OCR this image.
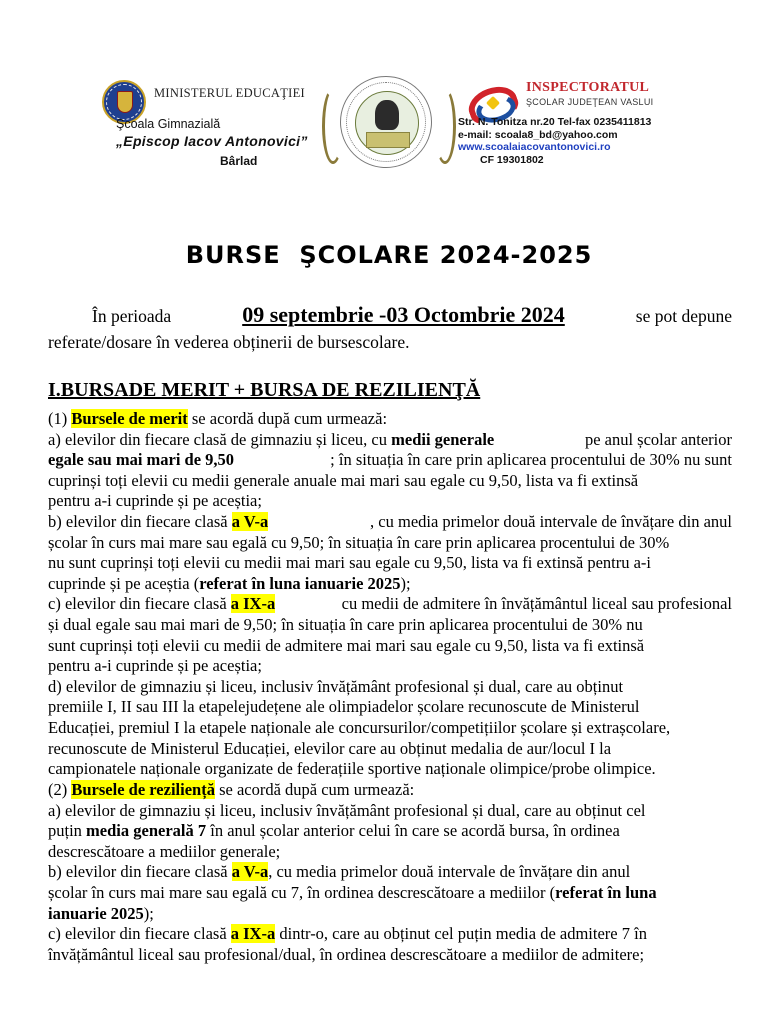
MINISTERUL EDUCAŢIEI
Şcoala Gimnazială
„Episcop Iacov Antonovici”
Bârlad
INSPECTORATUL
ŞCOLAR JUDEŢEAN VASLUI
Str. N. Tonitza nr.20 Tel-fax 0235411813
e-mail: scoala8_bd@yahoo.com
www.scoalaiacovantonovici.ro
CF 19301802
BURSE  ŞCOLARE 2024-2025
În perioada	09 septembrie -03 Octombrie 2024	se pot depune
referate/dosare în vederea obținerii de bursescolare.
I.BURSADE MERIT + BURSA DE REZILIENŢĂ
(1) Bursele de merit se acordă după cum urmează:
a) elevilor din fiecare clasă de gimnaziu și liceu, cu medii generale	pe anul școlar anterior
egale sau mai mari de 9,50	; în situația în care prin aplicarea procentului de 30% nu sunt
cuprinși toți elevii cu medii generale anuale mai mari sau egale cu 9,50, lista va fi extinsă
pentru a-i cuprinde și pe aceștia;
b) elevilor din fiecare clasă a V-a	, cu media primelor două intervale de învățare din anul
școlar în curs mai mare sau egală cu 9,50; în situația în care prin aplicarea procentului de 30%
nu sunt cuprinși toți elevii cu medii mai mari sau egale cu 9,50, lista va fi extinsă pentru a-i
cuprinde și pe aceștia (referat în luna ianuarie 2025);
c) elevilor din fiecare clasă a IX-a	cu medii de admitere în învățământul liceal sau profesional
și dual egale sau mai mari de 9,50; în situația în care prin aplicarea procentului de 30% nu
sunt cuprinși toți elevii cu medii de admitere mai mari sau egale cu 9,50, lista va fi extinsă
pentru a-i cuprinde și pe aceștia;
d) elevilor de gimnaziu și liceu, inclusiv învățământ profesional și dual, care au obținut
premiile I, II sau III la etapelejudețene ale olimpiadelor școlare recunoscute de Ministerul
Educației, premiul I la etapele naționale ale concursurilor/competițiilor școlare și extrașcolare,
recunoscute de Ministerul Educației, elevilor care au obținut medalia de aur/locul I la
campionatele naționale organizate de federațiile sportive naționale olimpice/probe olimpice.
(2) Bursele de reziliență se acordă după cum urmează:
a) elevilor de gimnaziu și liceu, inclusiv învățământ profesional și dual, care au obținut cel
puțin media generală 7 în anul școlar anterior celui în care se acordă bursa, în ordinea
descrescătoare a mediilor generale;
b) elevilor din fiecare clasă a V-a, cu media primelor două intervale de învățare din anul
școlar în curs mai mare sau egală cu 7, în ordinea descrescătoare a mediilor (referat în luna
ianuarie 2025);
c) elevilor din fiecare clasă a IX-a dintr-o, care au obținut cel puțin media de admitere 7 în
învățământul liceal sau profesional/dual, în ordinea descrescătoare a mediilor de admitere;
